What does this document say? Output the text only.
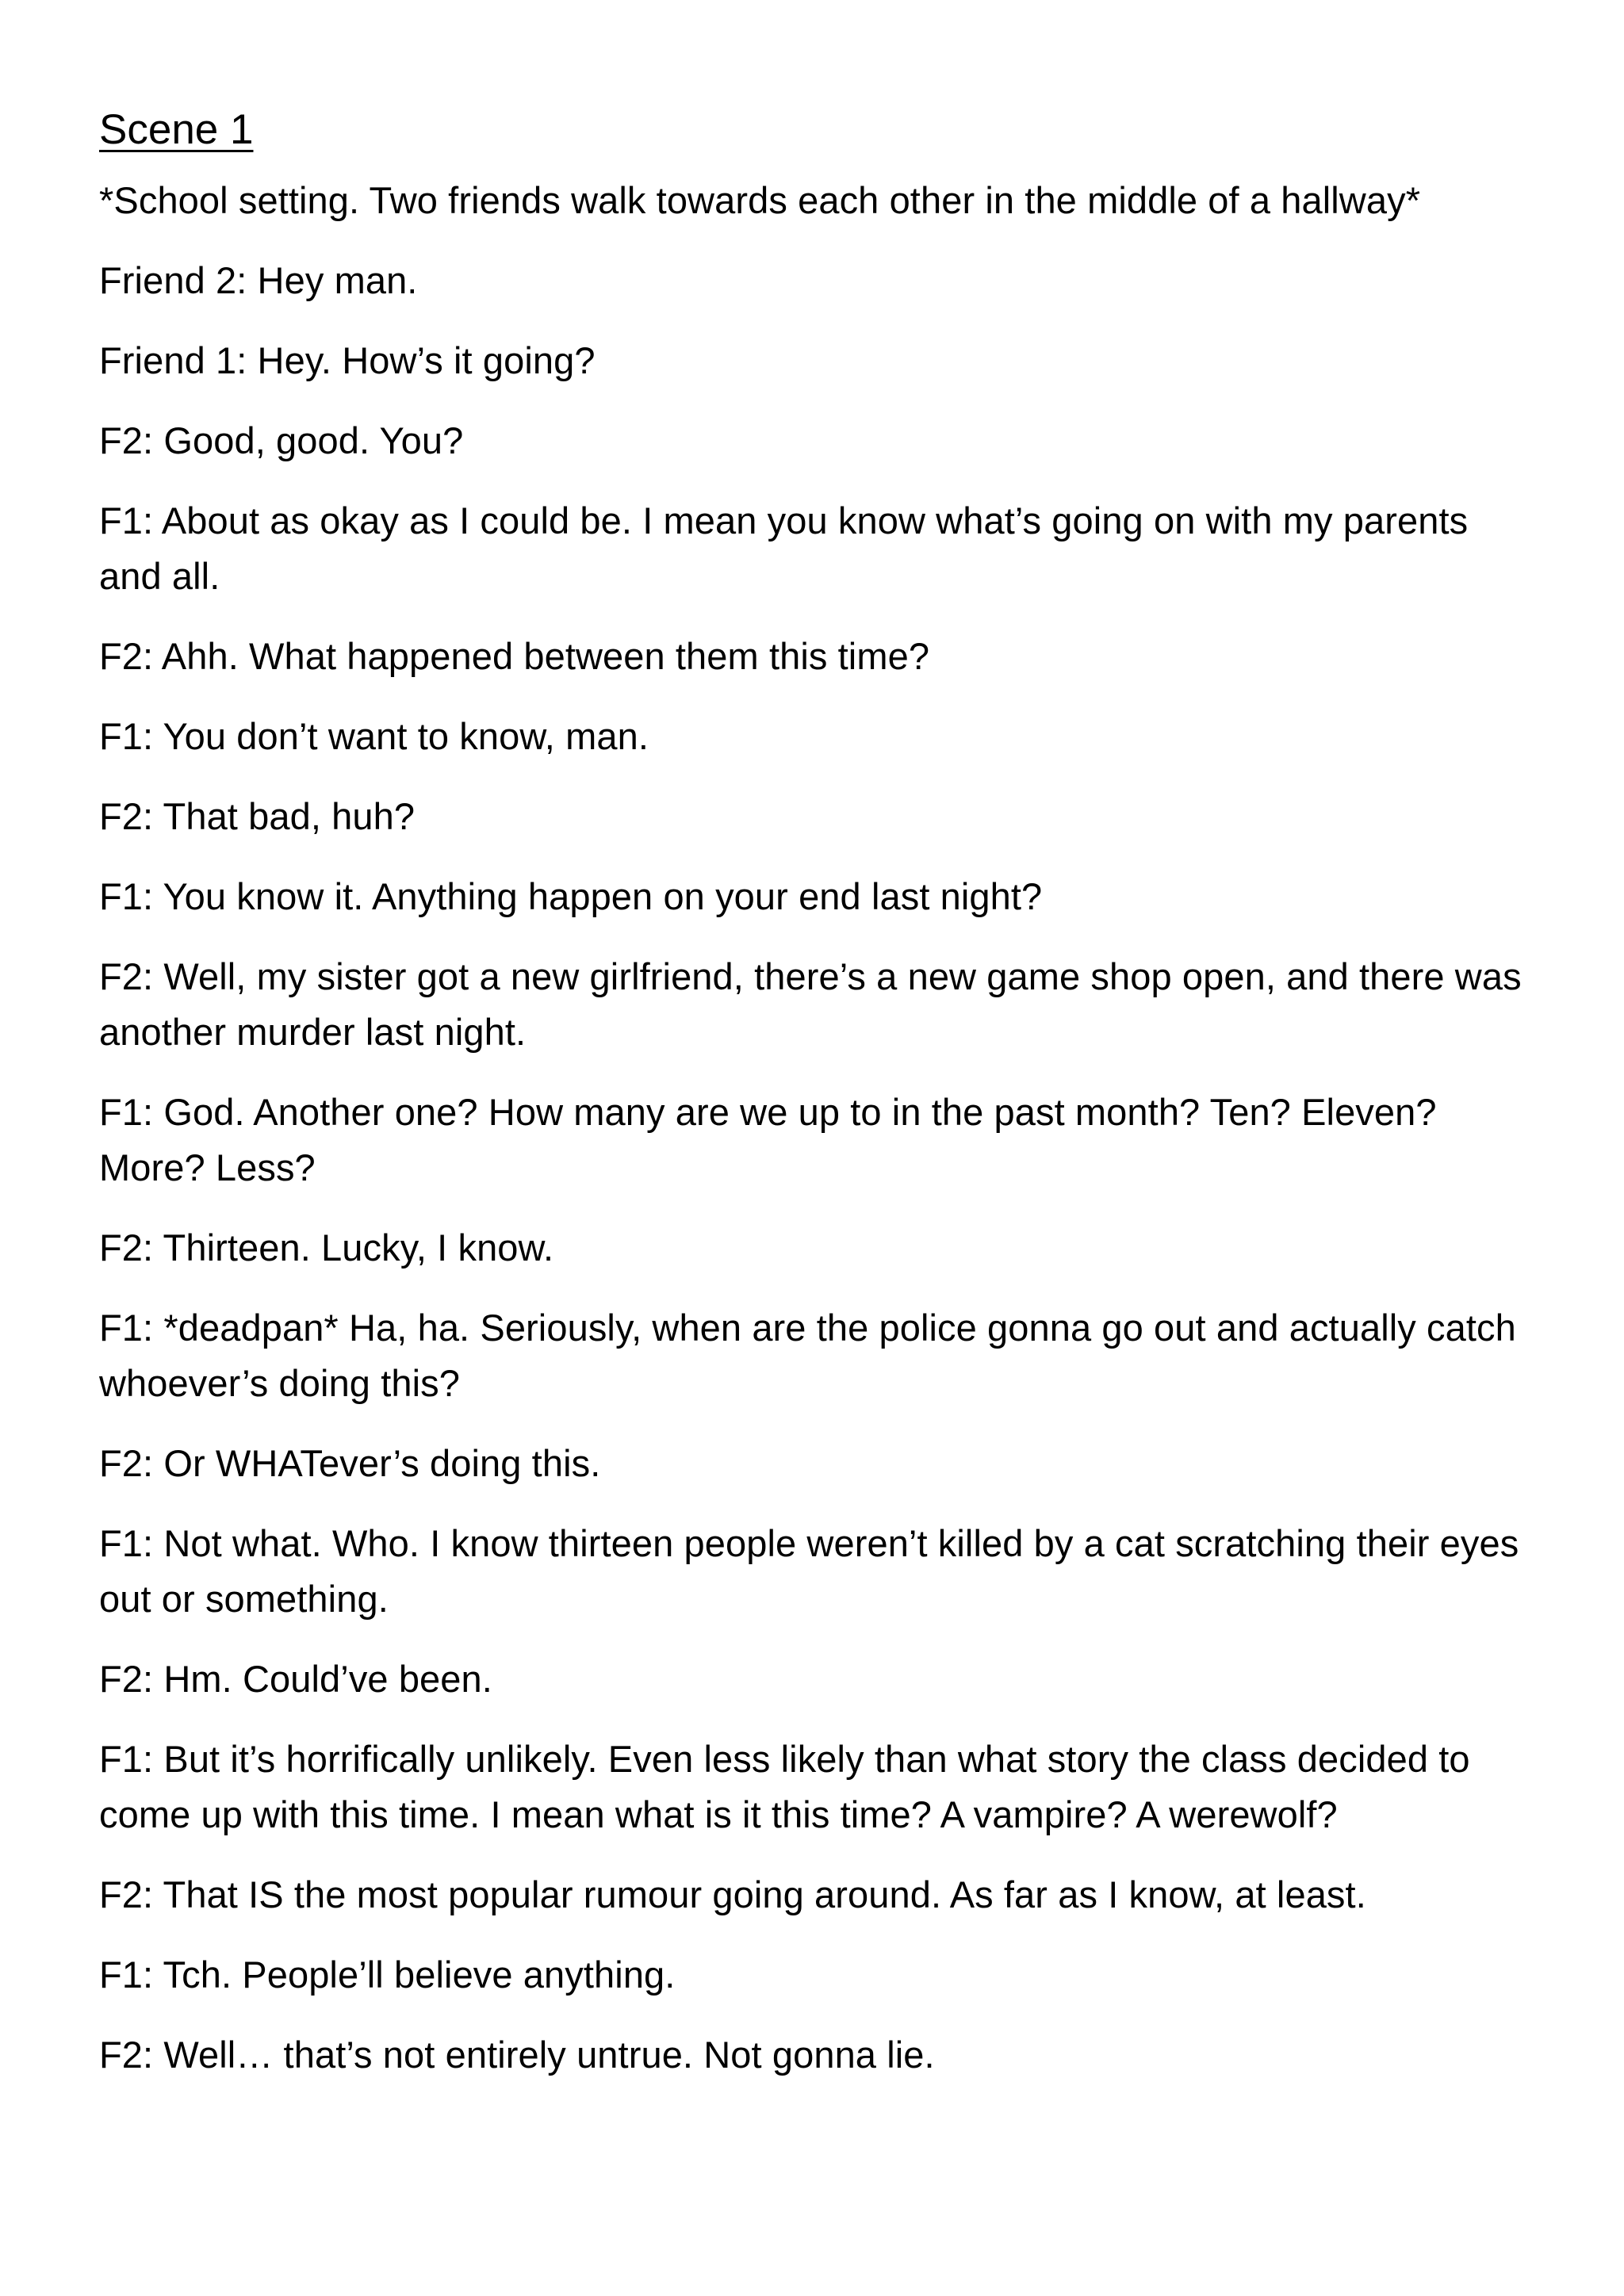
Scene 1

*School setting. Two friends walk towards each other in the middle of a hallway*

Friend 2: Hey man.

Friend 1: Hey. How’s it going?

F2: Good, good. You?

F1: About as okay as I could be. I mean you know what’s going on with my parents and all.

F2: Ahh. What happened between them this time?

F1: You don’t want to know, man.

F2: That bad, huh?

F1: You know it. Anything happen on your end last night?

F2: Well, my sister got a new girlfriend, there’s a new game shop open, and there was another murder last night.

F1: God. Another one? How many are we up to in the past month? Ten? Eleven? More? Less?

F2: Thirteen. Lucky, I know.

F1: *deadpan* Ha, ha. Seriously, when are the police gonna go out and actually catch whoever’s doing this?

F2: Or WHATever’s doing this.

F1: Not what. Who. I know thirteen people weren’t killed by a cat scratching their eyes out or something.

F2: Hm. Could’ve been.

F1: But it’s horrifically unlikely. Even less likely than what story the class decided to come up with this time. I mean what is it this time? A vampire? A werewolf?

F2: That IS the most popular rumour going around. As far as I know, at least.

F1: Tch. People’ll believe anything.

F2: Well… that’s not entirely untrue. Not gonna lie.
